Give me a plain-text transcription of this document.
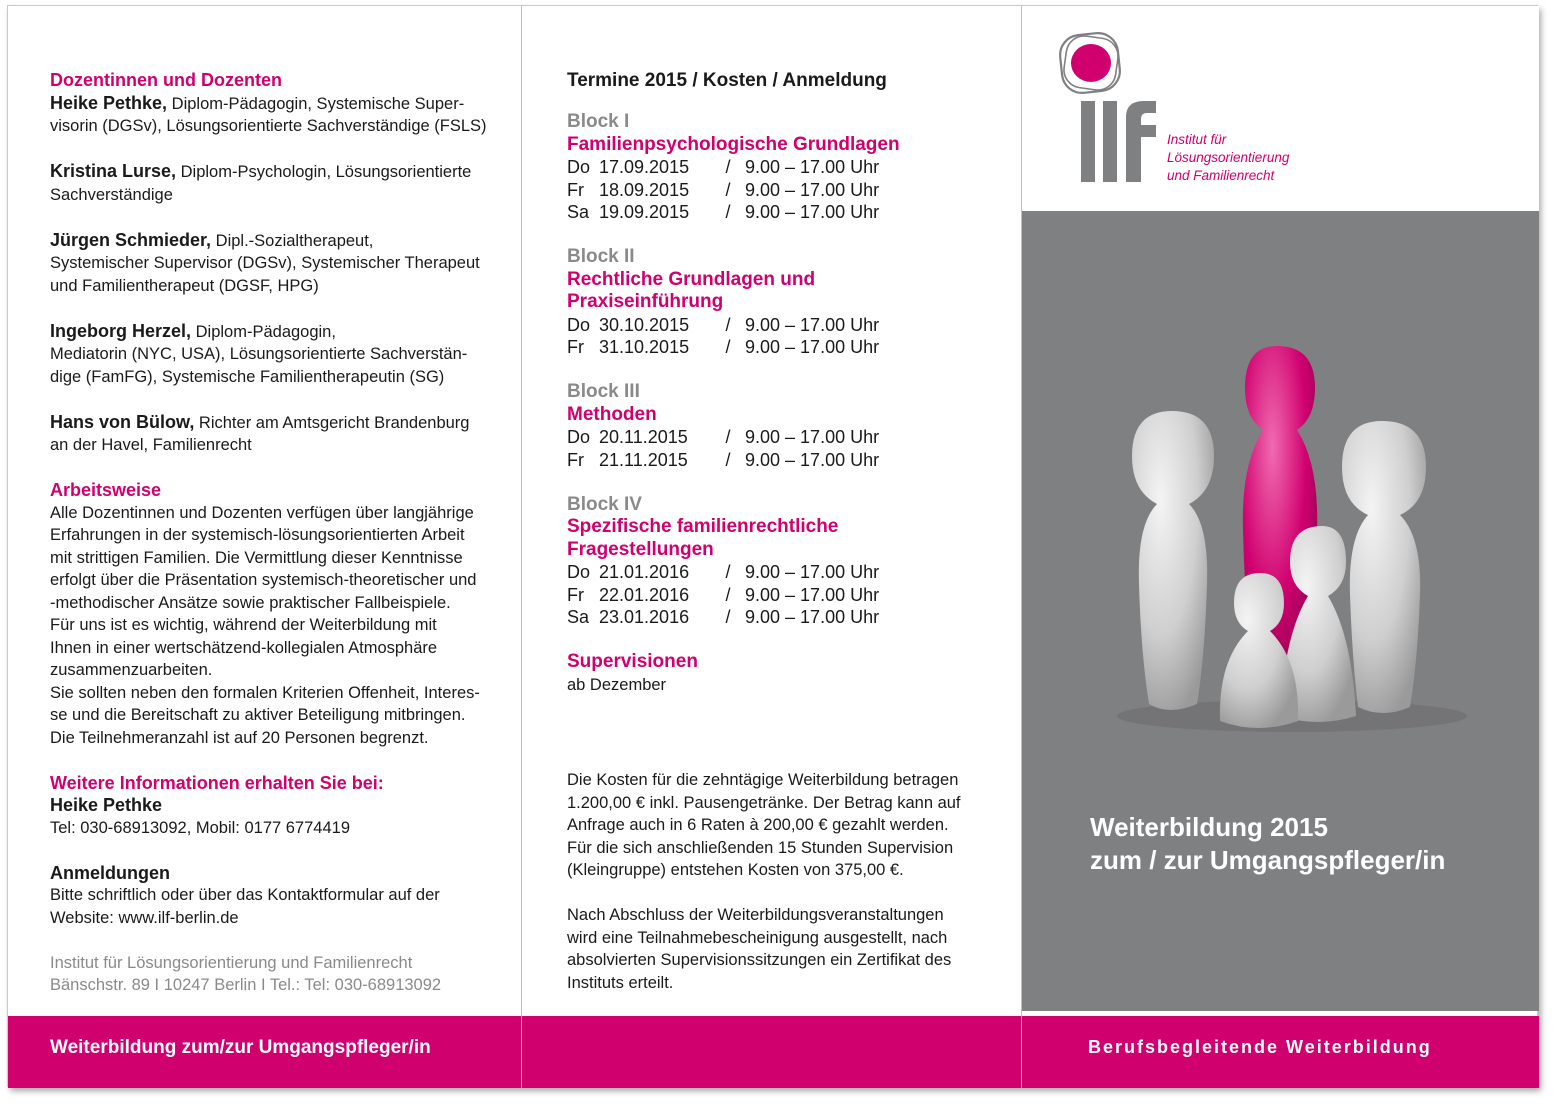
Dozentinnen und Dozenten
Heike Pethke, Diplom-Pädagogin, Systemische Super-
visorin (DGSv), Lösungsorientierte Sachverständige (FSLS)
Kristina Lurse, Diplom-Psychologin, Lösungsorientierte
Sachverständige
Jürgen Schmieder, Dipl.-Sozialtherapeut,
Systemischer Supervisor (DGSv), Systemischer Therapeut
und Familientherapeut (DGSF, HPG)
Ingeborg Herzel, Diplom-Pädagogin,
Mediatorin (NYC, USA), Lösungsorientierte Sachverstän-
dige (FamFG), Systemische Familientherapeutin (SG)
Hans von Bülow, Richter am Amtsgericht Brandenburg
an der Havel, Familienrecht
Arbeitsweise
Alle Dozentinnen und Dozenten verfügen über langjährige
Erfahrungen in der systemisch-lösungsorientierten Arbeit
mit strittigen Familien. Die Vermittlung dieser Kenntnisse
erfolgt über die Präsentation systemisch-theoretischer und
-methodischer Ansätze sowie praktischer Fallbeispiele.
Für uns ist es wichtig, während der Weiterbildung mit
Ihnen in einer wertschätzend-kollegialen Atmosphäre
zusammenzuarbeiten.
Sie sollten neben den formalen Kriterien Offenheit, Interes-
se und die Bereitschaft zu aktiver Beteiligung mitbringen.
Die Teilnehmeranzahl ist auf 20 Personen begrenzt.
Weitere Informationen erhalten Sie bei:
Heike Pethke
Tel: 030-68913092, Mobil: 0177 6774419
Anmeldungen
Bitte schriftlich oder über das Kontaktformular auf der
Website: www.ilf-berlin.de
Institut für Lösungsorientierung und Familienrecht
Bänschstr. 89 I 10247 Berlin I Tel.: Tel: 030-68913092
Weiterbildung zum/zur Umgangspfleger/in
Termine 2015 / Kosten / Anmeldung
Block I
Familienpsychologische Grundlagen
Do 17.09.2015 / 9.00 – 17.00 Uhr
Fr 18.09.2015 / 9.00 – 17.00 Uhr
Sa 19.09.2015 / 9.00 – 17.00 Uhr
Block II
Rechtliche Grundlagen und
Praxiseinführung
Do 30.10.2015 / 9.00 – 17.00 Uhr
Fr 31.10.2015 / 9.00 – 17.00 Uhr
Block III
Methoden
Do 20.11.2015 / 9.00 – 17.00 Uhr
Fr 21.11.2015 / 9.00 – 17.00 Uhr
Block IV
Spezifische familienrechtliche
Fragestellungen
Do 21.01.2016 / 9.00 – 17.00 Uhr
Fr 22.01.2016 / 9.00 – 17.00 Uhr
Sa 23.01.2016 / 9.00 – 17.00 Uhr
Supervisionen
ab Dezember
Die Kosten für die zehntägige Weiterbildung betragen
1.200,00 € inkl. Pausengetränke. Der Betrag kann auf
Anfrage auch in 6 Raten à 200,00 € gezahlt werden.
Für die sich anschließenden 15 Stunden Supervision
(Kleingruppe) entstehen Kosten von 375,00 €.
Nach Abschluss der Weiterbildungsveranstaltungen
wird eine Teilnahmebescheinigung ausgestellt, nach
absolvierten Supervisionssitzungen ein Zertifikat des
Instituts erteilt.
Institut für
Lösungsorientierung
und Familienrecht
Weiterbildung 2015
zum / zur Umgangspfleger/in
Berufsbegleitende Weiterbildung
